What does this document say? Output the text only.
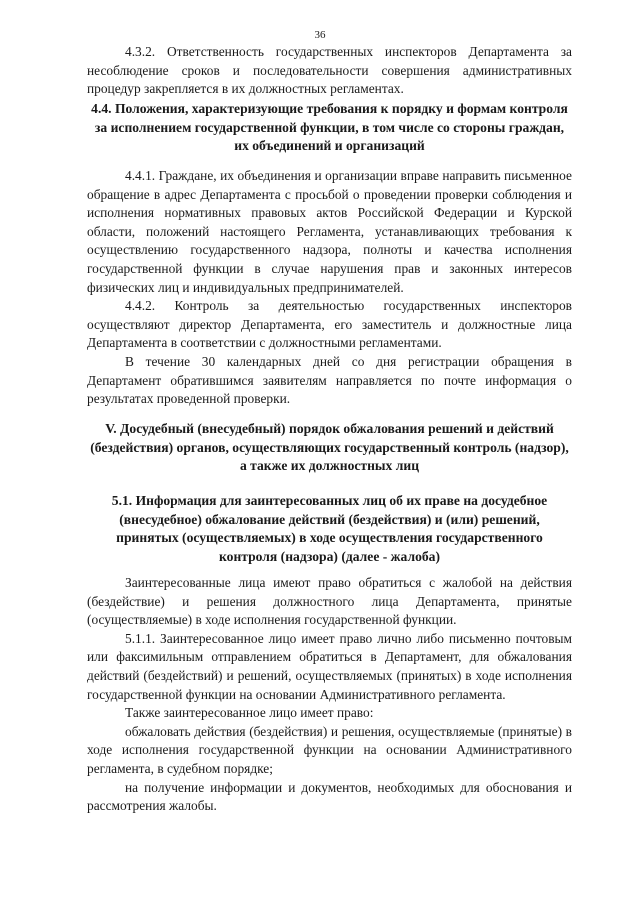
36

4.3.2. Ответственность государственных инспекторов Департамента за несоблюдение сроков и последовательности совершения административных процедур закрепляется в их должностных регламентах.

4.4. Положения, характеризующие требования к порядку и формам контроля за исполнением государственной функции, в том числе со стороны граждан, их объединений и организаций

4.4.1. Граждане, их объединения и организации вправе направить письменное обращение в адрес Департамента с просьбой о проведении проверки соблюдения и исполнения нормативных правовых актов Российской Федерации и Курской области, положений настоящего Регламента, устанавливающих требования к осуществлению государственного надзора, полноты и качества исполнения государственной функции в случае нарушения прав и законных интересов физических лиц и индивидуальных предпринимателей.

4.4.2. Контроль за деятельностью государственных инспекторов осуществляют директор Департамента, его заместитель и должностные лица Департамента в соответствии с должностными регламентами.

В течение 30 календарных дней со дня регистрации обращения в Департамент обратившимся заявителям направляется по почте информация о результатах проведенной проверки.

V. Досудебный (внесудебный) порядок обжалования решений и действий (бездействия) органов, осуществляющих государственный контроль (надзор), а также их должностных лиц
5.1. Информация для заинтересованных лиц об их праве на досудебное (внесудебное) обжалование действий (бездействия) и (или) решений, принятых (осуществляемых) в ходе осуществления государственного контроля (надзора) (далее - жалоба)

Заинтересованные лица имеют право обратиться с жалобой на действия (бездействие) и решения должностного лица Департамента, принятые (осуществляемые) в ходе исполнения государственной функции.

5.1.1. Заинтересованное лицо имеет право лично либо письменно почтовым или факсимильным отправлением обратиться в Департамент, для обжалования действий (бездействий) и решений, осуществляемых (принятых) в ходе исполнения государственной функции на основании Административного регламента.

Также заинтересованное лицо имеет право:

обжаловать действия (бездействия) и решения, осуществляемые (принятые) в ходе исполнения государственной функции на основании Административного регламента, в судебном порядке;

на получение информации и документов, необходимых для обоснования и рассмотрения жалобы.
